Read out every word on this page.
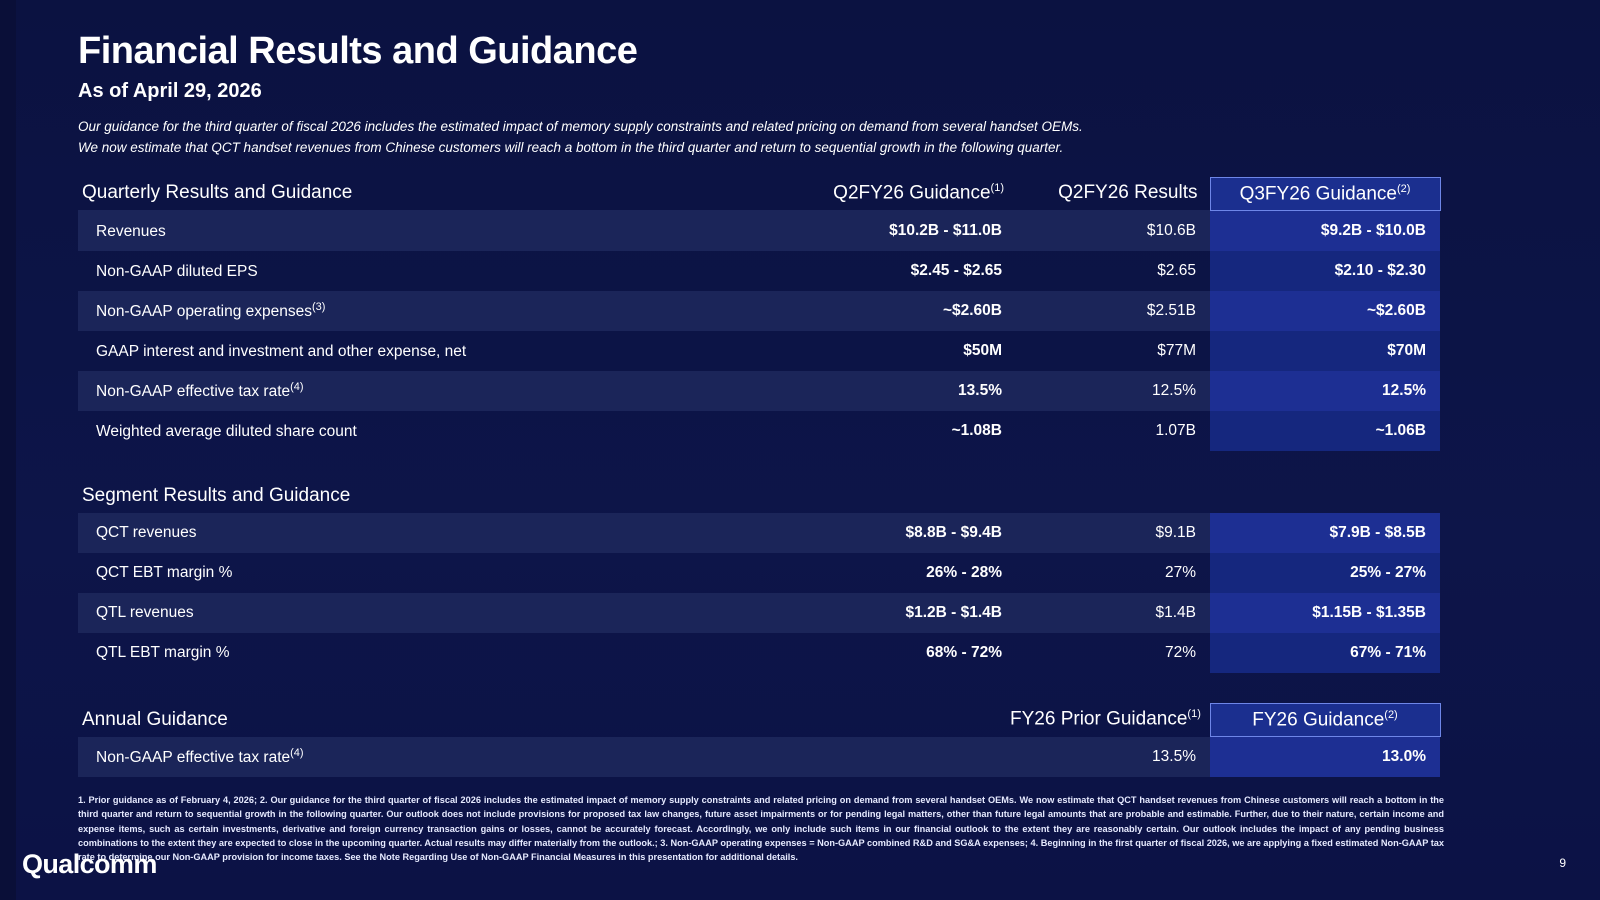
Financial Results and Guidance
As of April 29, 2026
Our guidance for the third quarter of fiscal 2026 includes the estimated impact of memory supply constraints and related pricing on demand from several handset OEMs.
We now estimate that QCT handset revenues from Chinese customers will reach a bottom in the third quarter and return to sequential growth in the following quarter.
Quarterly Results and Guidance	Q2FY26 Guidance$^{(1)}$	Q2FY26 Results	Q3FY26 Guidance$^{(2)}$
Revenues	$10.2B - $11.0B	$10.6B	$9.2B - $10.0B
Non-GAAP diluted EPS	$2.45 - $2.65	$2.65	$2.10 - $2.30
Non-GAAP operating expenses$^{(3)}$	~$2.60B	$2.51B	~$2.60B
GAAP interest and investment and other expense, net	$50M	$77M	$70M
Non-GAAP effective tax rate$^{(4)}$	13.5%	12.5%	12.5%
Weighted average diluted share count	~1.08B	1.07B	~1.06B
Segment Results and Guidance			
QCT revenues	$8.8B - $9.4B	$9.1B	$7.9B - $8.5B
QCT EBT margin %	26% - 28%	27%	25% - 27%
QTL revenues	$1.2B - $1.4B	$1.4B	$1.15B - $1.35B
QTL EBT margin %	68% - 72%	72%	67% - 71%
Annual Guidance	FY26 Prior Guidance$^{(1)}$	FY26 Guidance$^{(2)}$
Non-GAAP effective tax rate$^{(4)}$	13.5%	13.0%
1. Prior guidance as of February 4, 2026; 2. Our guidance for the third quarter of fiscal 2026 includes the estimated impact of memory supply constraints and related pricing on demand from several handset OEMs. We now estimate that QCT handset revenues from Chinese customers will reach a bottom in the third quarter and return to sequential growth in the following quarter. Our outlook does not include provisions for proposed tax law changes, future asset impairments or for pending legal matters, other than future legal amounts that are probable and estimable. Further, due to their nature, certain income and expense items, such as certain investments, derivative and foreign currency transaction gains or losses, cannot be accurately forecast. Accordingly, we only include such items in our financial outlook to the extent they are reasonably certain. Our outlook includes the impact of any pending business combinations to the extent they are expected to close in the upcoming quarter. Actual results may differ materially from the outlook.; 3. Non-GAAP operating expenses = Non-GAAP combined R&D and SG&A expenses; 4. Beginning in the first quarter of fiscal 2026, we are applying a fixed estimated Non-GAAP tax rate to determine our Non-GAAP provision for income taxes. See the Note Regarding Use of Non-GAAP Financial Measures in this presentation for additional details.
Qualcomm	9
